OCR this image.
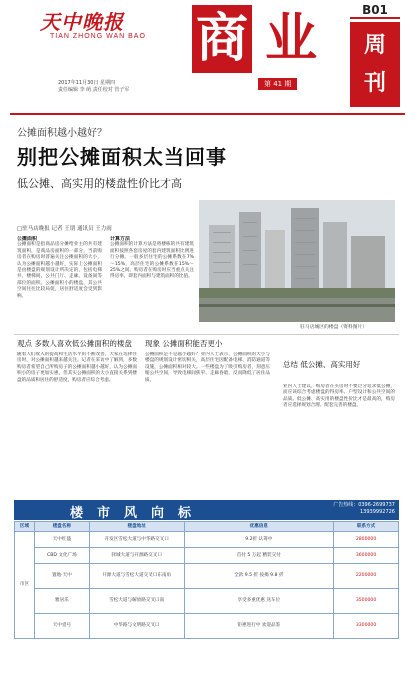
天中晚报
TIAN ZHONG WAN BAO
2017年11月30日 星期四
责任编辑 李 萌 责任校对 管子军
商 业
第 41 期
B01
周
刊
公摊面积越小越好？
别把公摊面积太当回事
低公摊、高实用的楼盘性价比才高
□驻马店晚报 记者 王朋 通讯员 王力雨
公摊面积
公摊面积是指商品房分摊给业主的共有建筑面积，是商品房面积的一部分。当前购房者在购房时普遍关注公摊面积的大小，认为公摊面积越小越好，实际上公摊面积是由楼盘的规划设计所决定的，包括电梯井、楼梯间、公共门厅、走廊、设备间等部位的面积。公摊面积小的楼盘，其公共空间往往比较局促，居住舒适度会受到影响。
计算方法
公摊面积的计算方法是将楼栋的共有建筑面积按照各套房屋的套内建筑面积比例进行分摊。一般多层住宅的公摊系数在7%～15%，高层住宅的公摊系数在15%～25%之间。购房者在购房时应当重点关注得房率，即套内面积与建筑面积的比值。
驻马店城区的楼盘（资料图片）
观点 多数人喜欢低公摊面积的楼盘
随着人们收入的提高和生活水平的不断改善，大家在选择住房时，对公摊面积越来越关注。记者在采访中了解到，多数购房者希望自己所购房子的公摊面积越小越好，认为公摊面积小的房子更加实惠，但其实公摊面积的大小直接关系到楼盘的品质和居住的舒适度，购房者应综合考虑。
现象 公摊面积能否更小
公摊面积是不是越小越好？业内人士表示，公摊面积的大小与楼盘的规划设计密切相关，高层住宅因配备电梯、消防通道等设施，公摊面积相对较大。一些楼盘为了吸引购房者，刻意压缩公共空间，导致电梯间狭窄、走廊昏暗，反而降低了居住品质。
总结 低公摊、高实用好
业内人士建议，购房者在买房时不要过分追求低公摊，而应该综合考虑楼盘的得房率、户型设计和公共空间的品质。低公摊、高实用的楼盘性价比才是最高的，购房者应选择规划合理、配套完善的楼盘。
楼市风向标
广告热线：0396-2699737
13939992726
区域	楼盘名称	楼盘地址	优惠信息	联系方式
市区	天中红盛	开发区雪松大道与中华路交叉口	9.2折 认筹中	2800000
	CBD 文化广场	驿城大道与开源路交叉口	首付 5 万起 精装交付	3600000
	置地·天中	开源大道与雪松大道交叉口东南角	全款 9.5 折 按揭 9.8 折	2200000
	雅居乐	雪松大道与解放路交叉口南	享受多重优惠 送车位	3500000
	天中壹号	中华路与文明路交叉口	钜惠进行中 欢迎品鉴	3300000
